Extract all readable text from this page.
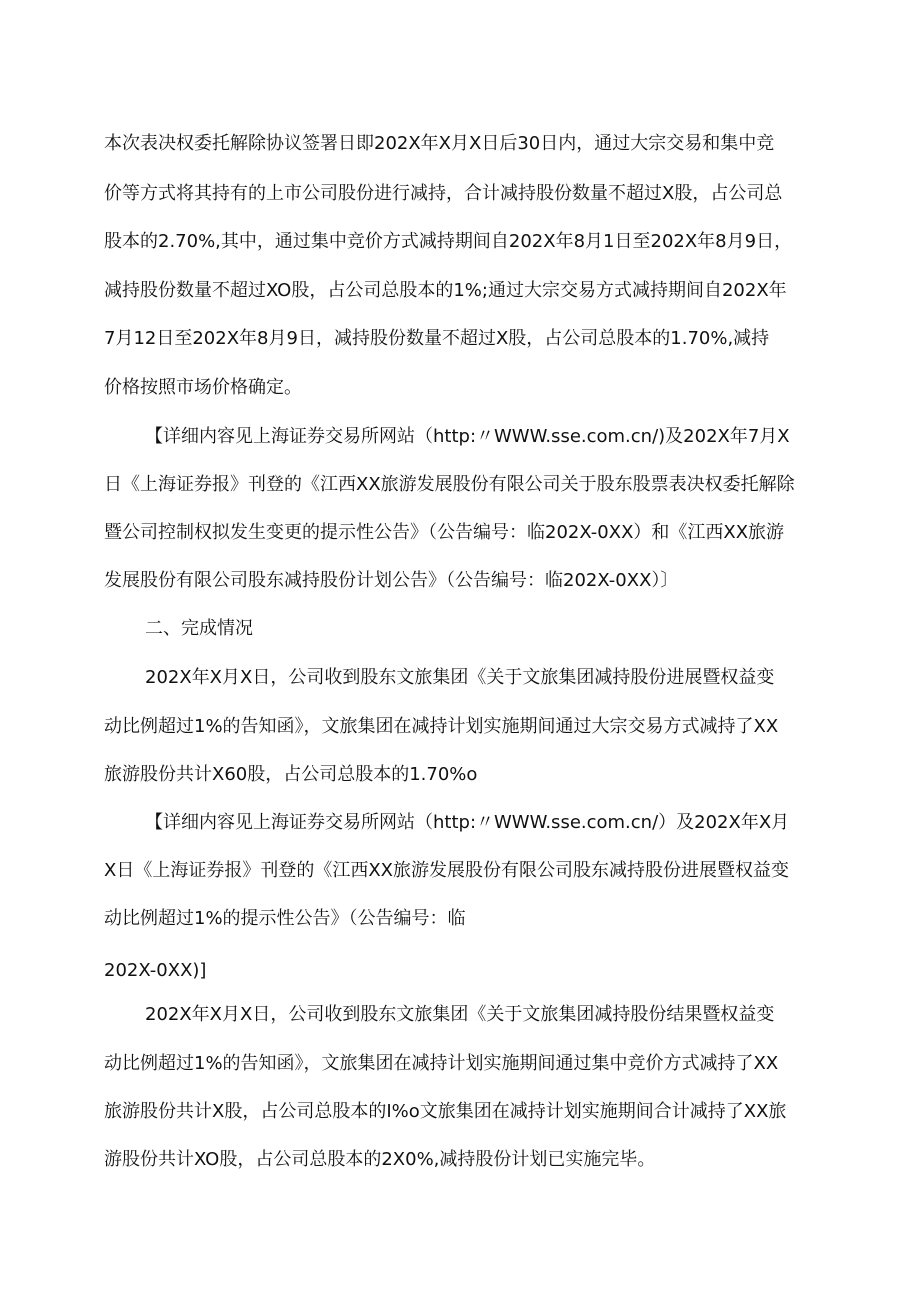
本次表决权委托解除协议签署日即202X年X月X日后30日内，通过大宗交易和集中竞
价等方式将其持有的上市公司股份进行减持，合计减持股份数量不超过X股，占公司总
股本的2.70%,其中，通过集中竞价方式减持期间自202X年8月1日至202X年8月9日，
减持股份数量不超过XO股，占公司总股本的1%;通过大宗交易方式减持期间自202X年
7月12日至202X年8月9日，减持股份数量不超过X股，占公司总股本的1.70%,减持
价格按照市场价格确定。
【详细内容见上海证券交易所网站（http:〃WWW.sse.com.cn/)及202X年7月X
日《上海证券报》刊登的《江西XX旅游发展股份有限公司关于股东股票表决权委托解除
暨公司控制权拟发生变更的提示性公告》（公告编号：临202X-0XX）和《江西XX旅游
发展股份有限公司股东减持股份计划公告》（公告编号：临202X-0XX）〕
二、完成情况
202X年X月X日，公司收到股东文旅集团《关于文旅集团减持股份进展暨权益变
动比例超过1%的告知函》，文旅集团在减持计划实施期间通过大宗交易方式减持了XX
旅游股份共计X60股，占公司总股本的1.70%o
【详细内容见上海证券交易所网站（http:〃WWW.sse.com.cn/）及202X年X月
X日《上海证券报》刊登的《江西XX旅游发展股份有限公司股东减持股份进展暨权益变
动比例超过1%的提示性公告》（公告编号：临
202X-0XX)]
202X年X月X日，公司收到股东文旅集团《关于文旅集团减持股份结果暨权益变
动比例超过1%的告知函》，文旅集团在减持计划实施期间通过集中竞价方式减持了XX
旅游股份共计X股，占公司总股本的I%o文旅集团在减持计划实施期间合计减持了XX旅
游股份共计XO股，占公司总股本的2X0%,减持股份计划已实施完毕。
